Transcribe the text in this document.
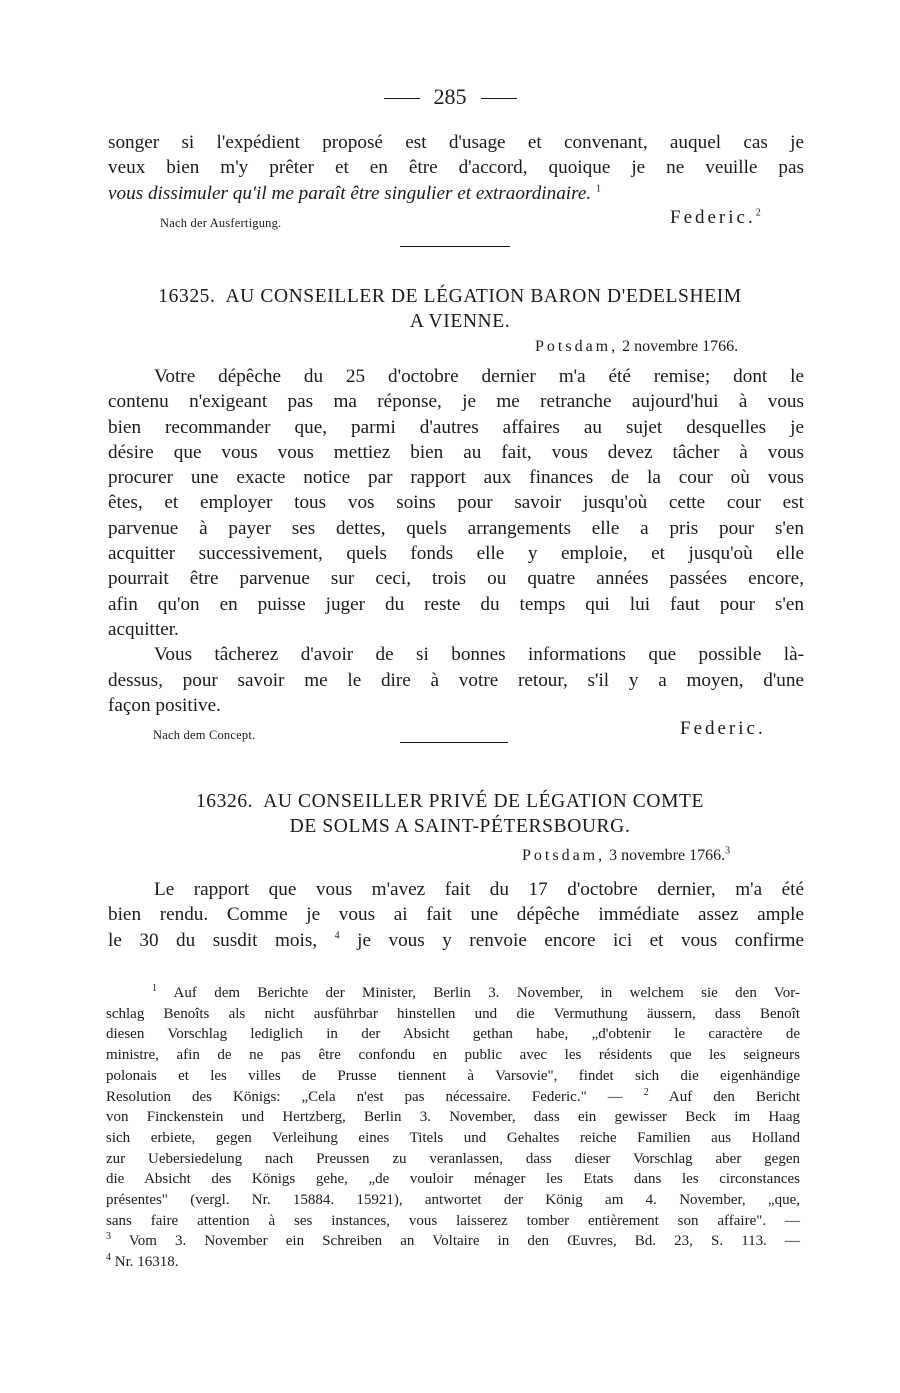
285
songer si l'expédient proposé est d'usage et convenant, auquel cas je
veux bien m'y prêter et en être d'accord, quoique je ne veuille pas
vous dissimuler qu'il me paraît être singulier et extraordinaire. $^1$
Nach der Ausfertigung.	Federic.$^2$
16325. AU CONSEILLER DE LÉGATION BARON D'EDELSHEIM
A VIENNE.
Potsdam, 2 novembre 1766.
Votre dépêche du 25 d'octobre dernier m'a été remise; dont le
contenu n'exigeant pas ma réponse, je me retranche aujourd'hui à vous
bien recommander que, parmi d'autres affaires au sujet desquelles je
désire que vous vous mettiez bien au fait, vous devez tâcher à vous
procurer une exacte notice par rapport aux finances de la cour où vous
êtes, et employer tous vos soins pour savoir jusqu'où cette cour est
parvenue à payer ses dettes, quels arrangements elle a pris pour s'en
acquitter successivement, quels fonds elle y emploie, et jusqu'où elle
pourrait être parvenue sur ceci, trois ou quatre années passées encore,
afin qu'on en puisse juger du reste du temps qui lui faut pour s'en
acquitter.
Vous tâcherez d'avoir de si bonnes informations que possible là-
dessus, pour savoir me le dire à votre retour, s'il y a moyen, d'une
façon positive.
Nach dem Concept.	Federic.
16326. AU CONSEILLER PRIVÉ DE LÉGATION COMTE
DE SOLMS A SAINT-PÉTERSBOURG.
Potsdam, 3 novembre 1766.$^3$
Le rapport que vous m'avez fait du 17 d'octobre dernier, m'a été
bien rendu. Comme je vous ai fait une dépêche immédiate assez ample
le 30 du susdit mois, $^4$ je vous y renvoie encore ici et vous confirme
$^1$ Auf dem Berichte der Minister, Berlin 3. November, in welchem sie den Vor-
schlag Benoîts als nicht ausführbar hinstellen und die Vermuthung äussern, dass Benoît
diesen Vorschlag lediglich in der Absicht gethan habe, „d'obtenir le caractère de
ministre, afin de ne pas être confondu en public avec les résidents que les seigneurs
polonais et les villes de Prusse tiennent à Varsovie", findet sich die eigenhändige
Resolution des Königs: „Cela n'est pas nécessaire. Federic." — $^2$ Auf den Bericht
von Finckenstein und Hertzberg, Berlin 3. November, dass ein gewisser Beck im Haag
sich erbiete, gegen Verleihung eines Titels und Gehaltes reiche Familien aus Holland
zur Uebersiedelung nach Preussen zu veranlassen, dass dieser Vorschlag aber gegen
die Absicht des Königs gehe, „de vouloir ménager les Etats dans les circonstances
présentes" (vergl. Nr. 15884. 15921), antwortet der König am 4. November, „que,
sans faire attention à ses instances, vous laisserez tomber entièrement son affaire". —
$^3$ Vom 3. November ein Schreiben an Voltaire in den Œuvres, Bd. 23, S. 113. —
$^4$ Nr. 16318.
